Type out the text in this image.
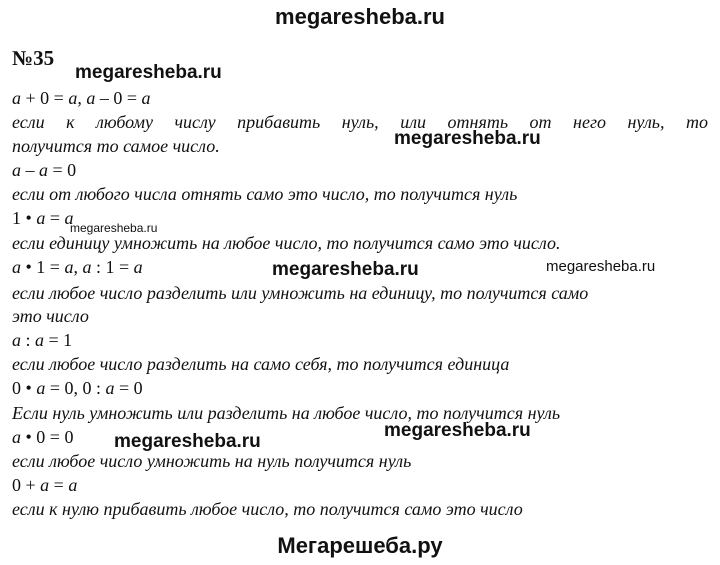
megaresheba.ru
№35
a + 0 = a, a – 0 = a
если к любому числу прибавить нуль, или отнять от него нуль, то
получится то самое число.
a – a = 0
если от любого числа отнять само это число, то получится нуль
1 • a = a
если единицу умножить на любое число, то получится само это число.
a • 1 = a, a : 1 = a
если любое число разделить или умножить на единицу, то получится само
это число
a : a = 1
если любое число разделить на само себя, то получится единица
0 • a = 0, 0 : a = 0
Если нуль умножить или разделить на любое число, то получится нуль
a • 0 = 0
если любое число умножить на нуль получится нуль
0 + a = a
если к нулю прибавить любое число, то получится само это число
megaresheba.ru
megaresheba.ru
megaresheba.ru
megaresheba.ru	megaresheba.ru
megaresheba.ru
megaresheba.ru
Мегарешеба.ру
